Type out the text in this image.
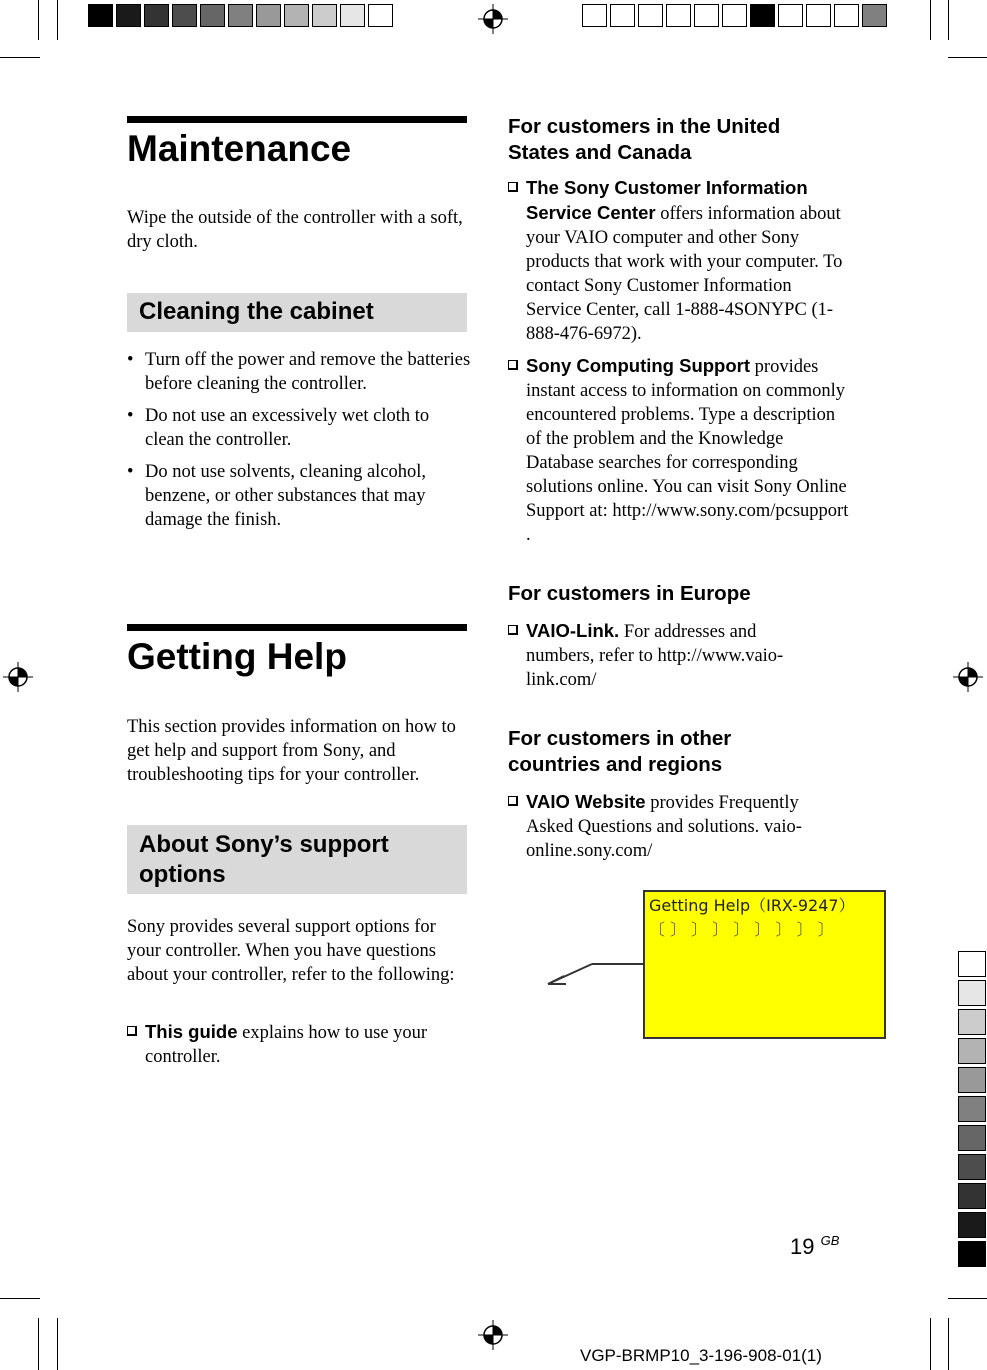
Maintenance
Wipe the outside of the controller with a soft, dry cloth.
Cleaning the cabinet
• Turn off the power and remove the batteries before cleaning the controller.
• Do not use an excessively wet cloth to clean the controller.
• Do not use solvents, cleaning alcohol, benzene, or other substances that may damage the finish.
Getting Help
This section provides information on how to get help and support from Sony, and troubleshooting tips for your controller.
About Sony’s support options
Sony provides several support options for your controller. When you have questions about your controller, refer to the following:
This guide explains how to use your controller.
For customers in the United States and Canada
The Sony Customer Information Service Center offers information about your VAIO computer and other Sony products that work with your computer. To contact Sony Customer Information Service Center, call 1-888-4SONYPC (1-888-476-6972).
Sony Computing Support provides instant access to information on commonly encountered problems. Type a description of the problem and the Knowledge Database searches for corresponding solutions online. You can visit Sony Online Support at: http://www.sony.com/pcsupport .
For customers in Europe
VAIO-Link. For addresses and numbers, refer to http://www.vaio-link.com/
For customers in other countries and regions
VAIO Website provides Frequently Asked Questions and solutions. vaio-online.sony.com/
Getting Help（IRX-9247）
〔 〕 〕 〕 〕 〕 〕 〕 〕
19 $^{GB}$
VGP-BRMP10_3-196-908-01(1)
